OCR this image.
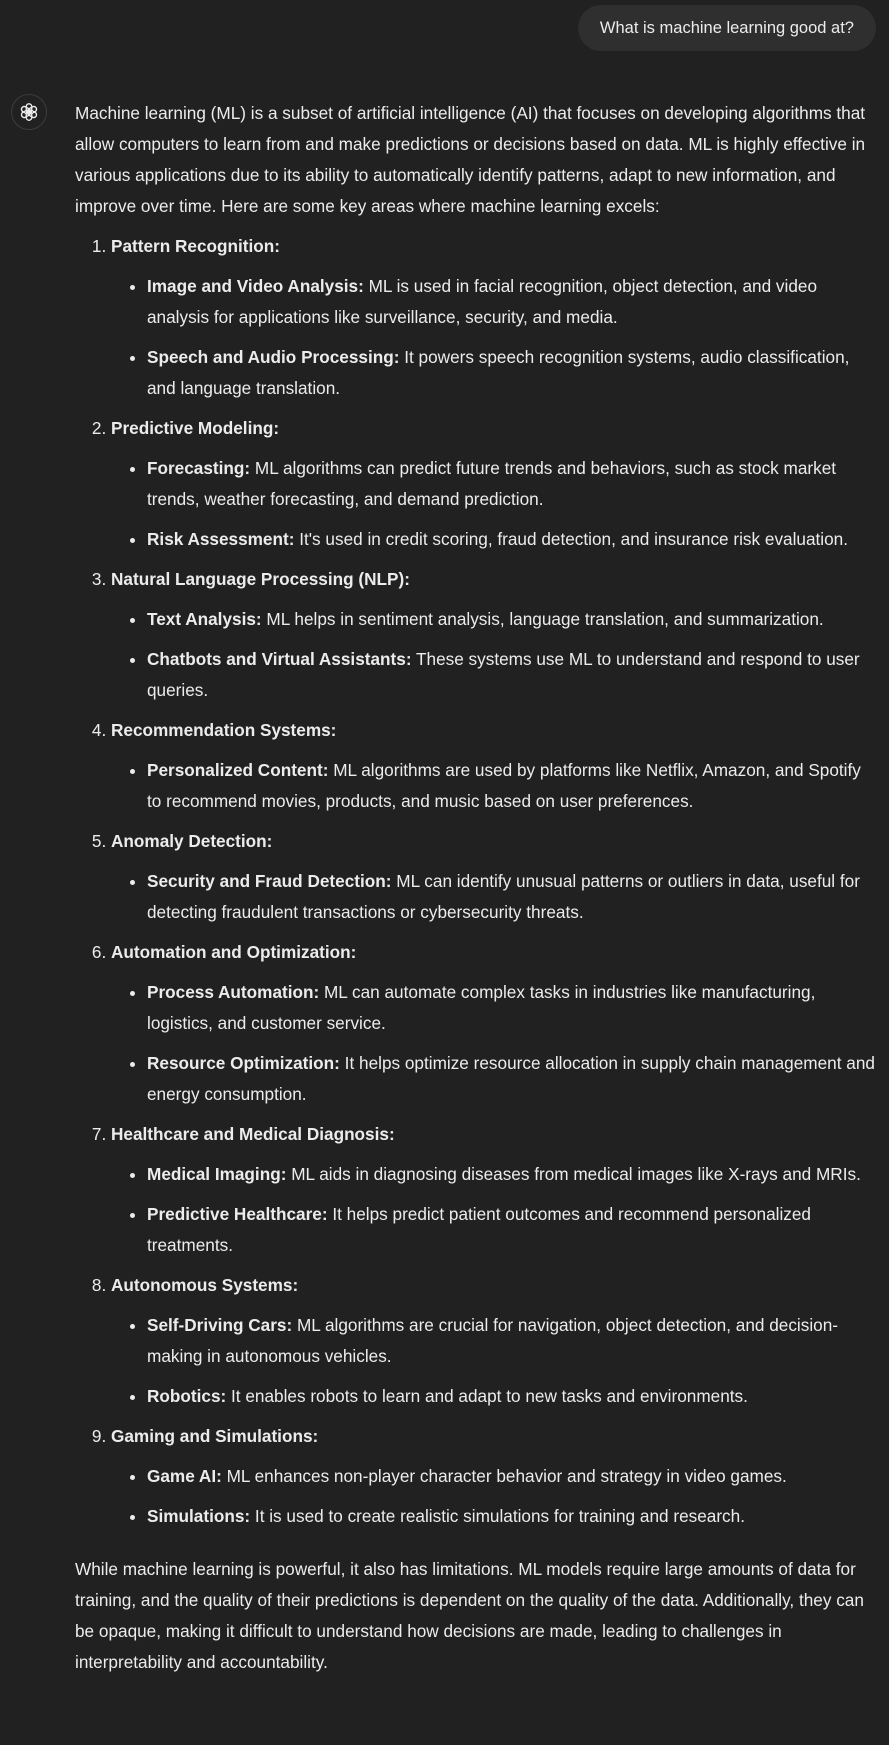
What is machine learning good at?

Machine learning (ML) is a subset of artificial intelligence (AI) that focuses on developing algorithms that allow computers to learn from and make predictions or decisions based on data. ML is highly effective in various applications due to its ability to automatically identify patterns, adapt to new information, and improve over time. Here are some key areas where machine learning excels:

1. Pattern Recognition:
• Image and Video Analysis: ML is used in facial recognition, object detection, and video analysis for applications like surveillance, security, and media.
• Speech and Audio Processing: It powers speech recognition systems, audio classification, and language translation.
2. Predictive Modeling:
• Forecasting: ML algorithms can predict future trends and behaviors, such as stock market trends, weather forecasting, and demand prediction.
• Risk Assessment: It's used in credit scoring, fraud detection, and insurance risk evaluation.
3. Natural Language Processing (NLP):
• Text Analysis: ML helps in sentiment analysis, language translation, and summarization.
• Chatbots and Virtual Assistants: These systems use ML to understand and respond to user queries.
4. Recommendation Systems:
• Personalized Content: ML algorithms are used by platforms like Netflix, Amazon, and Spotify to recommend movies, products, and music based on user preferences.
5. Anomaly Detection:
• Security and Fraud Detection: ML can identify unusual patterns or outliers in data, useful for detecting fraudulent transactions or cybersecurity threats.
6. Automation and Optimization:
• Process Automation: ML can automate complex tasks in industries like manufacturing, logistics, and customer service.
• Resource Optimization: It helps optimize resource allocation in supply chain management and energy consumption.
7. Healthcare and Medical Diagnosis:
• Medical Imaging: ML aids in diagnosing diseases from medical images like X-rays and MRIs.
• Predictive Healthcare: It helps predict patient outcomes and recommend personalized treatments.
8. Autonomous Systems:
• Self-Driving Cars: ML algorithms are crucial for navigation, object detection, and decision-making in autonomous vehicles.
• Robotics: It enables robots to learn and adapt to new tasks and environments.
9. Gaming and Simulations:
• Game AI: ML enhances non-player character behavior and strategy in video games.
• Simulations: It is used to create realistic simulations for training and research.

While machine learning is powerful, it also has limitations. ML models require large amounts of data for training, and the quality of their predictions is dependent on the quality of the data. Additionally, they can be opaque, making it difficult to understand how decisions are made, leading to challenges in interpretability and accountability.
